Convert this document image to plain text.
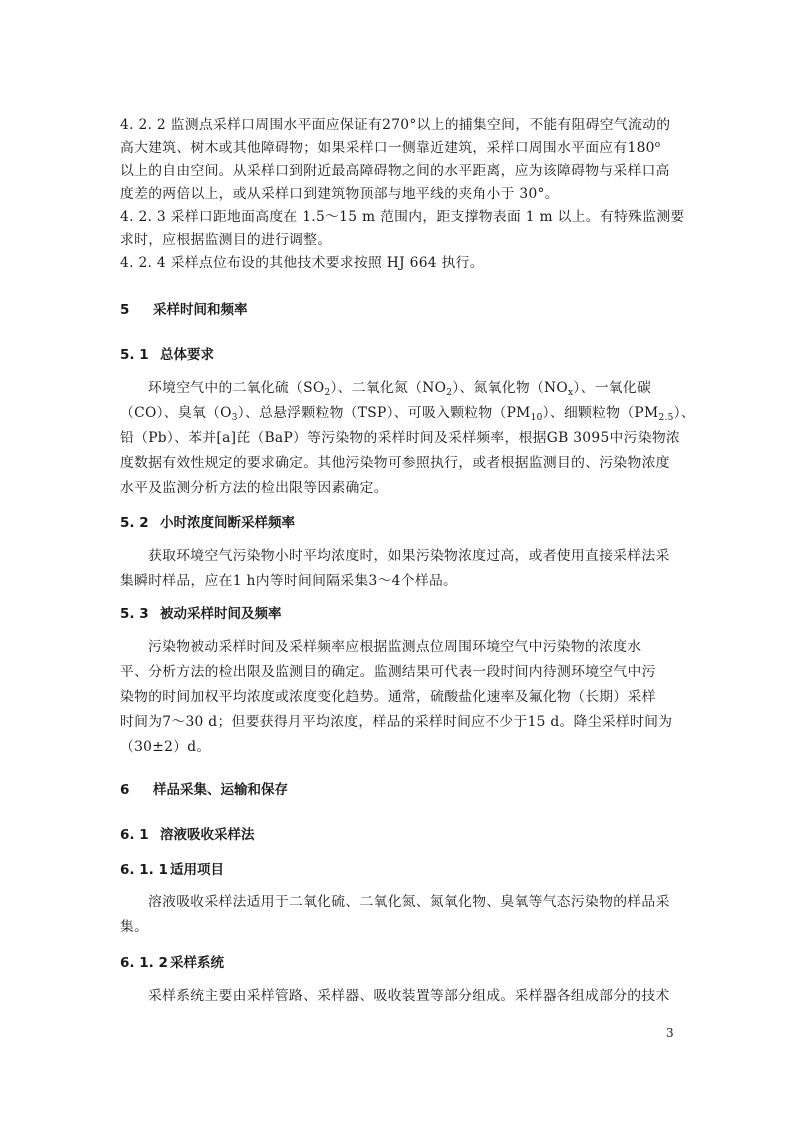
4. 2. 2 监测点采样口周围水平面应保证有270°以上的捕集空间，不能有阻碍空气流动的
高大建筑、树木或其他障碍物；如果采样口一侧靠近建筑，采样口周围水平面应有180$^o$
以上的自由空间。从采样口到附近最高障碍物之间的水平距离，应为该障碍物与采样口高
度差的两倍以上，或从采样口到建筑物顶部与地平线的夹角小于 30°。
4. 2. 3 采样口距地面高度在 1.5～15 m 范围内，距支撑物表面 1 m 以上。有特殊监测要
求时，应根据监测目的进行调整。
4. 2. 4 采样点位布设的其他技术要求按照 HJ 664 执行。
5 采样时间和频率
5. 1 总体要求
环境空气中的二氧化硫$(SO_2)$、二氧化氮$(NO_2)$、氮氧化物$(NO_x)$、一氧化碳
（CO）、臭氧$(O_3)$、总悬浮颗粒物（TSP）、可吸入颗粒物$(PM_{10})$、细颗粒物$(PM_{2.5})$、
铅（Pb）、苯并[a]芘（BaP）等污染物的采样时间及采样频率，根据GB 3095中污染物浓
度数据有效性规定的要求确定。其他污染物可参照执行，或者根据监测目的、污染物浓度
水平及监测分析方法的检出限等因素确定。
5. 2 小时浓度间断采样频率
获取环境空气污染物小时平均浓度时，如果污染物浓度过高，或者使用直接采样法采
集瞬时样品，应在1 h内等时间间隔采集3～4个样品。
5. 3 被动采样时间及频率
污染物被动采样时间及采样频率应根据监测点位周围环境空气中污染物的浓度水
平、分析方法的检出限及监测目的确定。监测结果可代表一段时间内待测环境空气中污
染物的时间加权平均浓度或浓度变化趋势。通常，硫酸盐化速率及氟化物（长期）采样
时间为7～30 d；但要获得月平均浓度，样品的采样时间应不少于15 d。降尘采样时间为
（30±2）d。
6 样品采集、运输和保存
6. 1 溶液吸收采样法
6. 1. 1 适用项目
溶液吸收采样法适用于二氧化硫、二氧化氮、氮氧化物、臭氧等气态污染物的样品采
集。
6. 1. 2 采样系统
采样系统主要由采样管路、采样器、吸收装置等部分组成。采样器各组成部分的技术
3
